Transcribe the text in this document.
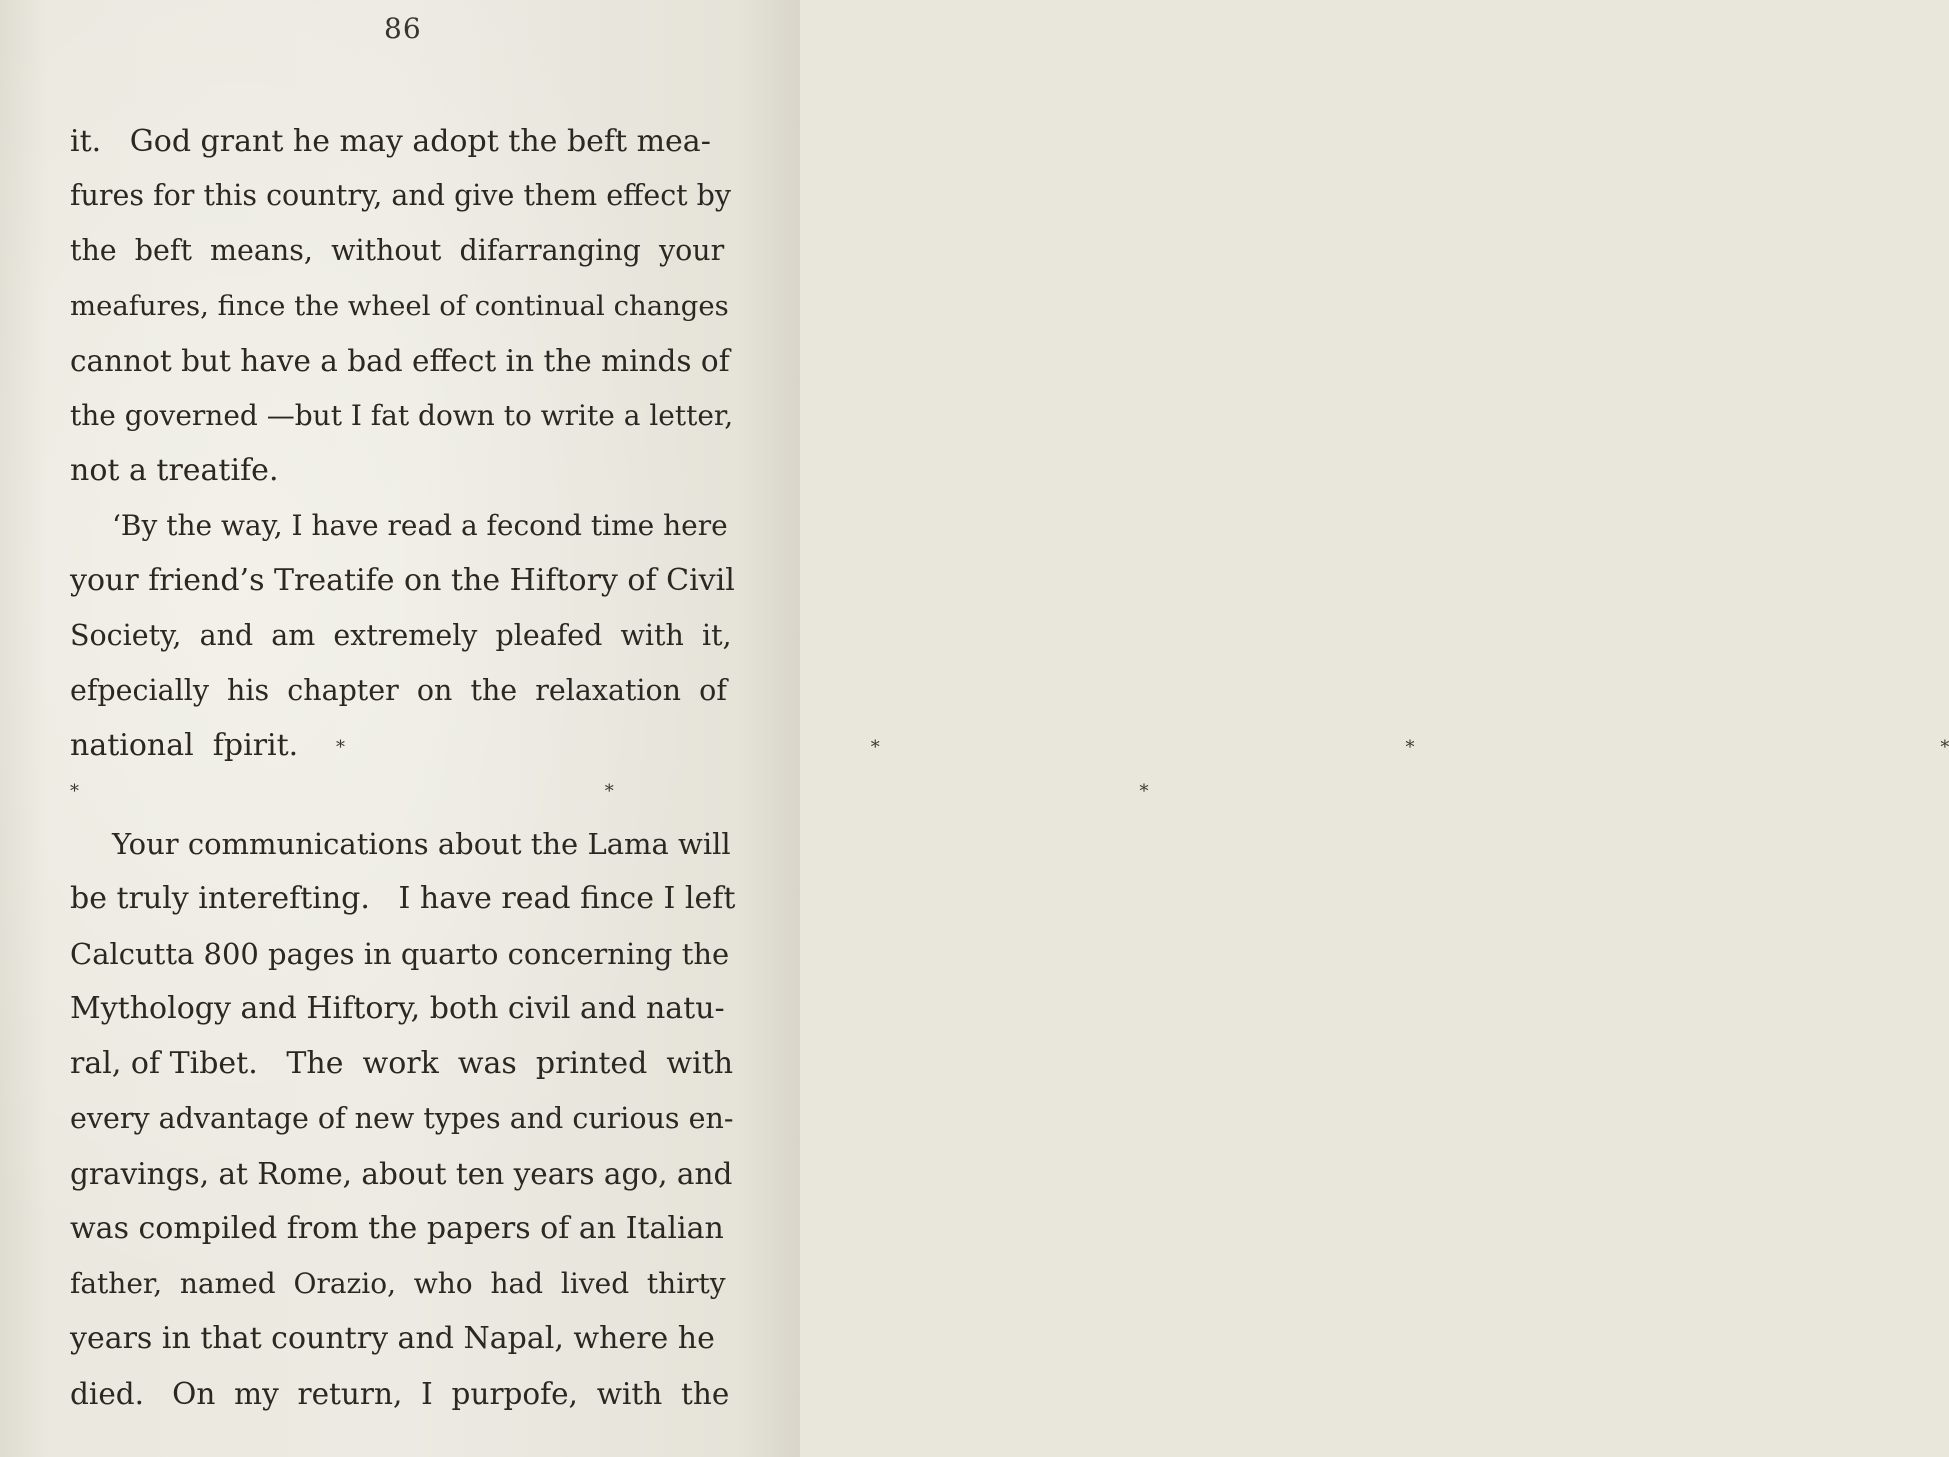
86
it.   God grant he may adopt the beft mea-
fures for this country, and give them effect by
the  beft  means,  without  difarranging  your
meafures, fince the wheel of continual changes
cannot but have a bad effect in the minds of
the governed —but I fat down to write a letter,
not a treatife.
‘By the way, I have read a fecond time here
your friend’s Treatife on the Hiftory of Civil
Society,  and  am  extremely  pleafed  with  it,
efpecially  his  chapter  on  the  relaxation  of
national  fpirit. *        *        *        *
*        *        *
Your communications about the Lama will
be truly interefting.   I have read fince I left
Calcutta 800 pages in quarto concerning the
Mythology and Hiftory, both civil and natu-
ral, of Tibet.   The  work  was  printed  with
every advantage of new types and curious en-
gravings, at Rome, about ten years ago, and
was compiled from the papers of an Italian
father,  named  Orazio,  who  had  lived  thirty
years in that country and Napal, where he
died.   On  my  return,  I  purpofe,  with  the
